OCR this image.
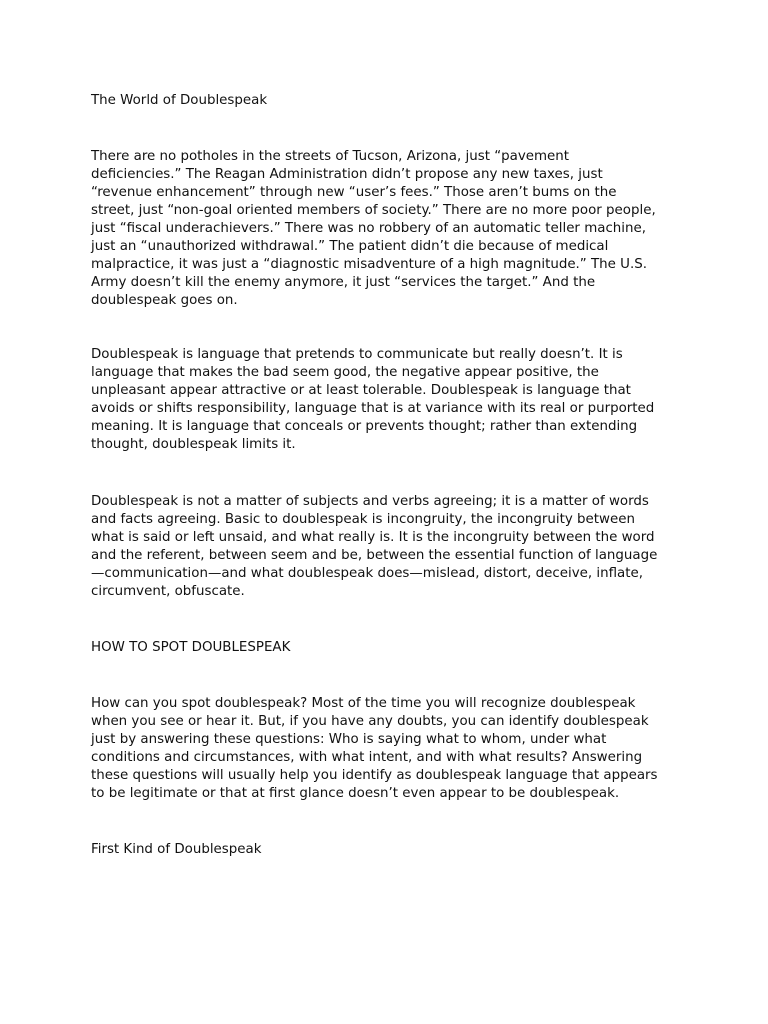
The World of Doublespeak

There are no potholes in the streets of Tucson, Arizona, just “pavement
deficiencies.” The Reagan Administration didn’t propose any new taxes, just
“revenue enhancement” through new “user’s fees.” Those aren’t bums on the
street, just “non-goal oriented members of society.” There are no more poor people,
just “fiscal underachievers.” There was no robbery of an automatic teller machine,
just an “unauthorized withdrawal.” The patient didn’t die because of medical
malpractice, it was just a “diagnostic misadventure of a high magnitude.” The U.S.
Army doesn’t kill the enemy anymore, it just “services the target.” And the
doublespeak goes on.

Doublespeak is language that pretends to communicate but really doesn’t. It is
language that makes the bad seem good, the negative appear positive, the
unpleasant appear attractive or at least tolerable. Doublespeak is language that
avoids or shifts responsibility, language that is at variance with its real or purported
meaning. It is language that conceals or prevents thought; rather than extending
thought, doublespeak limits it.

Doublespeak is not a matter of subjects and verbs agreeing; it is a matter of words
and facts agreeing. Basic to doublespeak is incongruity, the incongruity between
what is said or left unsaid, and what really is. It is the incongruity between the word
and the referent, between seem and be, between the essential function of language
—communication—and what doublespeak does—mislead, distort, deceive, inflate,
circumvent, obfuscate.

HOW TO SPOT DOUBLESPEAK

How can you spot doublespeak? Most of the time you will recognize doublespeak
when you see or hear it. But, if you have any doubts, you can identify doublespeak
just by answering these questions: Who is saying what to whom, under what
conditions and circumstances, with what intent, and with what results? Answering
these questions will usually help you identify as doublespeak language that appears
to be legitimate or that at first glance doesn’t even appear to be doublespeak.

First Kind of Doublespeak
